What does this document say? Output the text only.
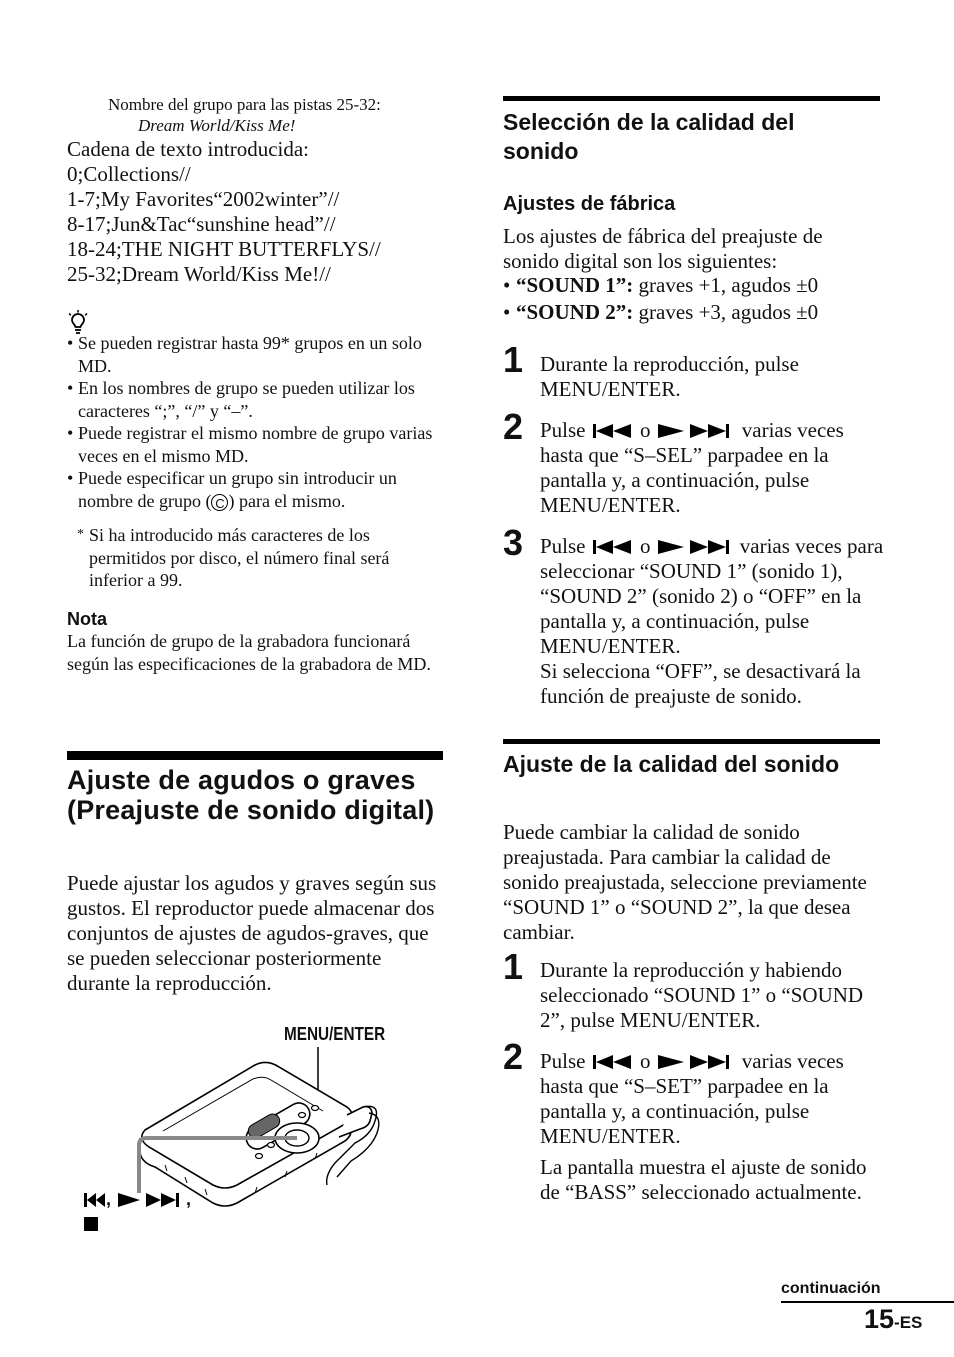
Nombre del grupo para las pistas 25-32:
Dream World/Kiss Me!
Cadena de texto introducida:
0;Collections//
1-7;My Favorites“2002winter”//
8-17;Jun&Tac“sunshine head”//
18-24;THE NIGHT BUTTERFLYS//
25-32;Dream World/Kiss Me!//
• Se pueden registrar hasta 99* grupos en un solo MD.
• En los nombres de grupo se pueden utilizar los caracteres “;”, “/” y “–”.
• Puede registrar el mismo nombre de grupo varias veces en el mismo MD.
• Puede especificar un grupo sin introducir un nombre de grupo ( C ) para el mismo.
* Si ha introducido más caracteres de los permitidos por disco, el número final será inferior a 99.
Nota
La función de grupo de la grabadora funcionará según las especificaciones de la grabadora de MD.
Ajuste de agudos o graves (Preajuste de sonido digital)
Puede ajustar los agudos y graves según sus gustos. El reproductor puede almacenar dos conjuntos de ajustes de agudos-graves, que se pueden seleccionar posteriormente durante la reproducción.
MENU/ENTER
,	,
Selección de la calidad del sonido
Ajustes de fábrica
Los ajustes de fábrica del preajuste de sonido digital son los siguientes:
• “SOUND 1”: graves +1, agudos ±0
• “SOUND 2”: graves +3, agudos ±0
1 Durante la reproducción, pulse MENU/ENTER.
2 Pulse	o	varias veces hasta que “S–SEL” parpadee en la pantalla y, a continuación, pulse MENU/ENTER.
3 Pulse	o	varias veces para seleccionar “SOUND 1” (sonido 1), “SOUND 2” (sonido 2) o “OFF” en la pantalla y, a continuación, pulse MENU/ENTER.
Si selecciona “OFF”, se desactivará la función de preajuste de sonido.
Ajuste de la calidad del sonido
Puede cambiar la calidad de sonido preajustada. Para cambiar la calidad de sonido preajustada, seleccione previamente “SOUND 1” o “SOUND 2”, la que desea cambiar.
1 Durante la reproducción y habiendo seleccionado “SOUND 1” o “SOUND 2”, pulse MENU/ENTER.
2 Pulse	o	varias veces hasta que “S–SET” parpadee en la pantalla y, a continuación, pulse MENU/ENTER.
La pantalla muestra el ajuste de sonido de “BASS” seleccionado actualmente.
continuación
15-ES
